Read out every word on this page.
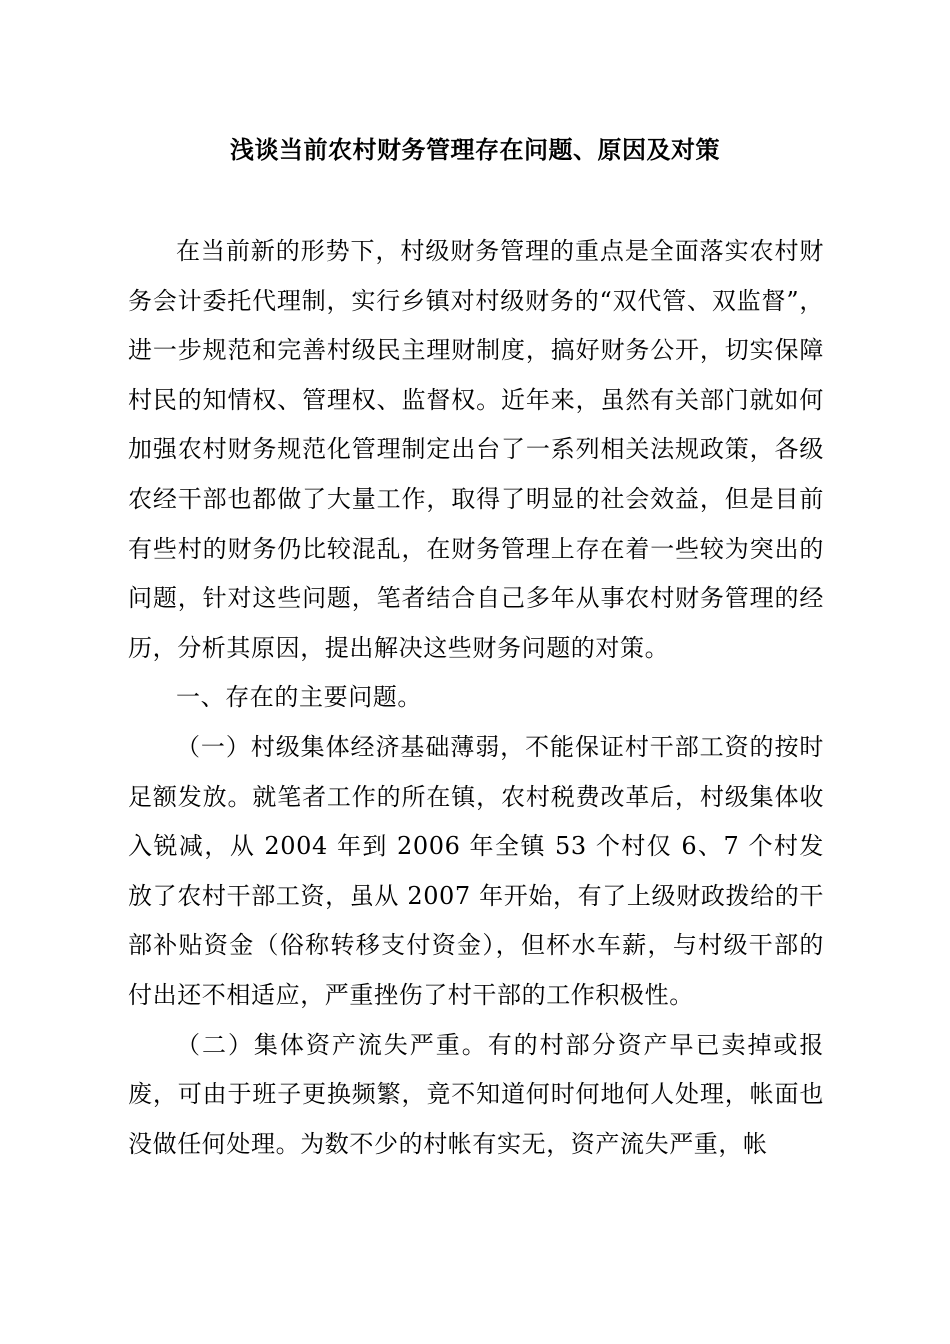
浅谈当前农村财务管理存在问题、原因及对策

在当前新的形势下，村级财务管理的重点是全面落实农村财务会计委托代理制，实行乡镇对村级财务的“双代管、双监督”，进一步规范和完善村级民主理财制度，搞好财务公开，切实保障村民的知情权、管理权、监督权。近年来，虽然有关部门就如何加强农村财务规范化管理制定出台了一系列相关法规政策，各级农经干部也都做了大量工作，取得了明显的社会效益，但是目前有些村的财务仍比较混乱，在财务管理上存在着一些较为突出的问题，针对这些问题，笔者结合自己多年从事农村财务管理的经历，分析其原因，提出解决这些财务问题的对策。

一、存在的主要问题。

（一）村级集体经济基础薄弱，不能保证村干部工资的按时足额发放。就笔者工作的所在镇，农村税费改革后，村级集体收入锐减，从 2004 年到 2006 年全镇 53 个村仅 6、7 个村发放了农村干部工资，虽从 2007 年开始，有了上级财政拨给的干部补贴资金（俗称转移支付资金），但杯水车薪，与村级干部的付出还不相适应，严重挫伤了村干部的工作积极性。

（二）集体资产流失严重。有的村部分资产早已卖掉或报废，可由于班子更换频繁，竟不知道何时何地何人处理，帐面也没做任何处理。为数不少的村帐有实无，资产流失严重，帐
